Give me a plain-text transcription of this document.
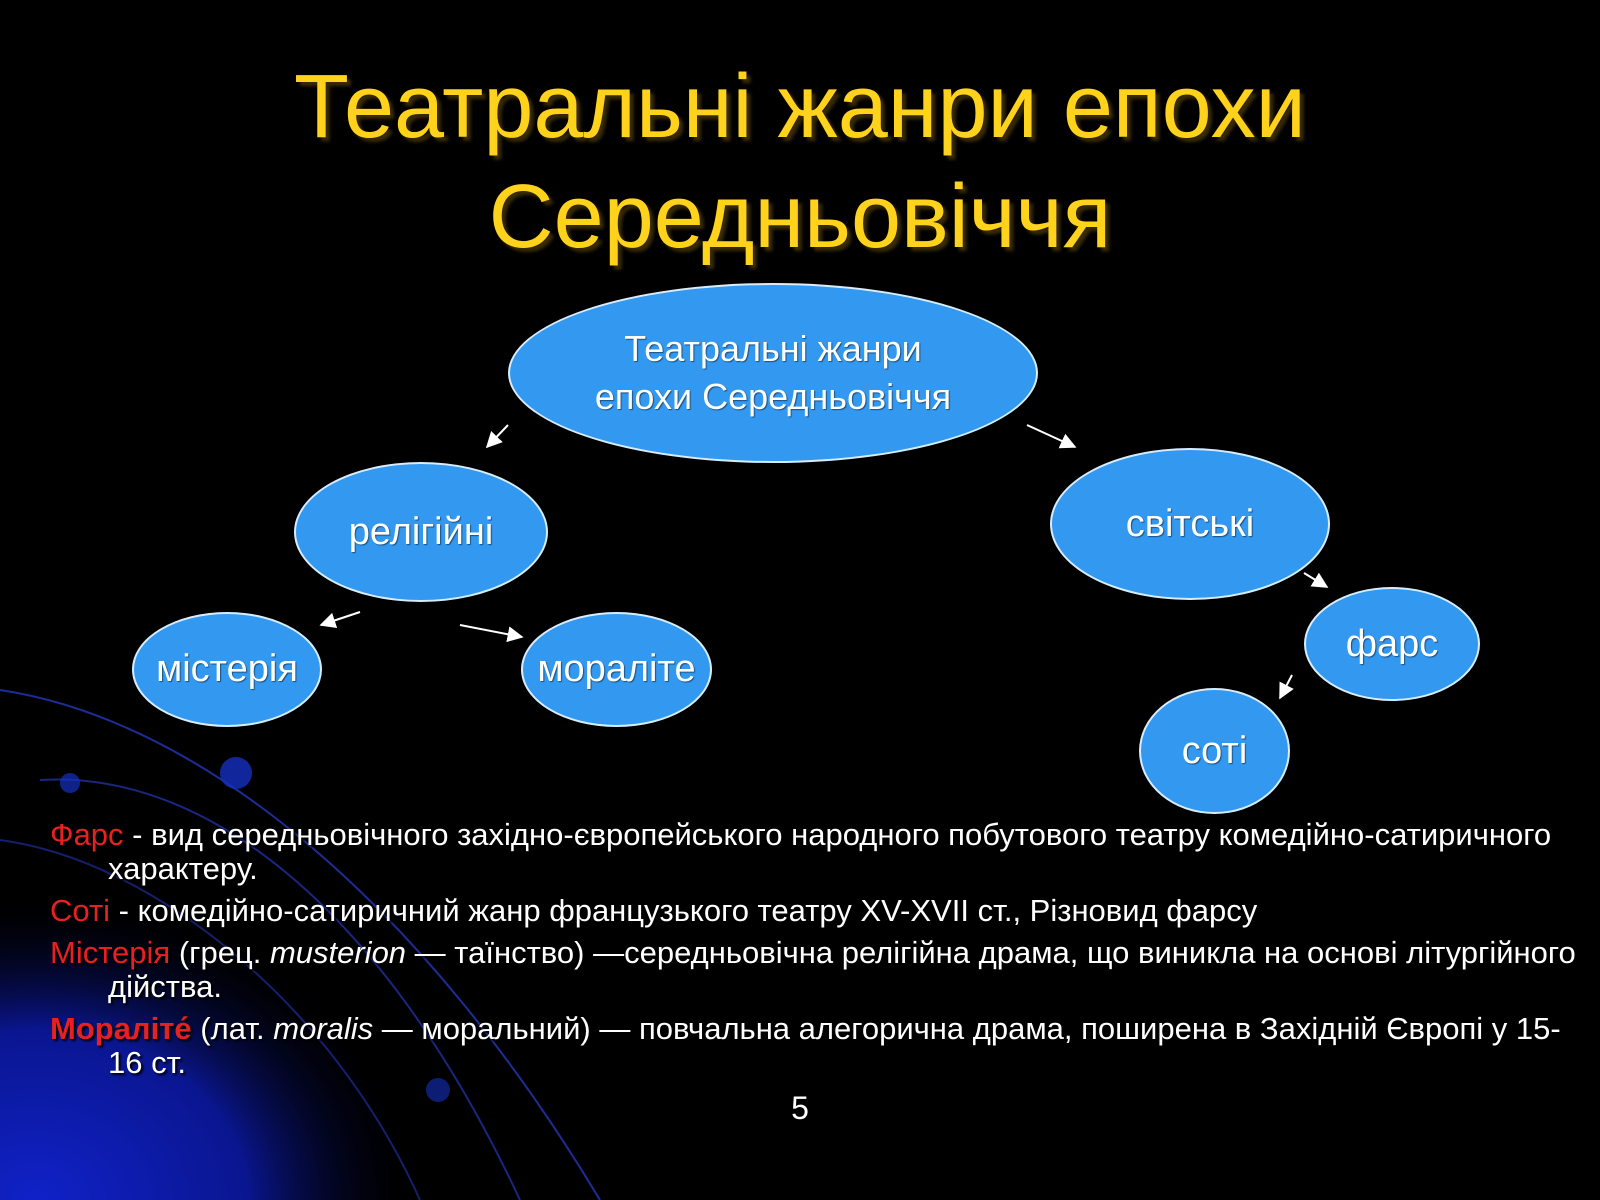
Театральні жанри епохи
Середньовіччя
Театральні жанри
епохи Середньовіччя
релігійні	світські
містерія	мораліте
фарс
соті
Фарс - вид середньовічного західно-європейського народного побутового театру комедійно-сатиричного характеру.
Соті - комедійно-сатиричний жанр французького театру XV-XVII ст., Різновид фарсу
Містерія (грец. musterion — таїнство) —середньовічна релігійна драма, що виникла на основі літургійного дійства.
Мораліте́ (лат. moralis — моральний) — повчальна алегорична драма, поширена в Західній Європі у 15-16 ст.
5
